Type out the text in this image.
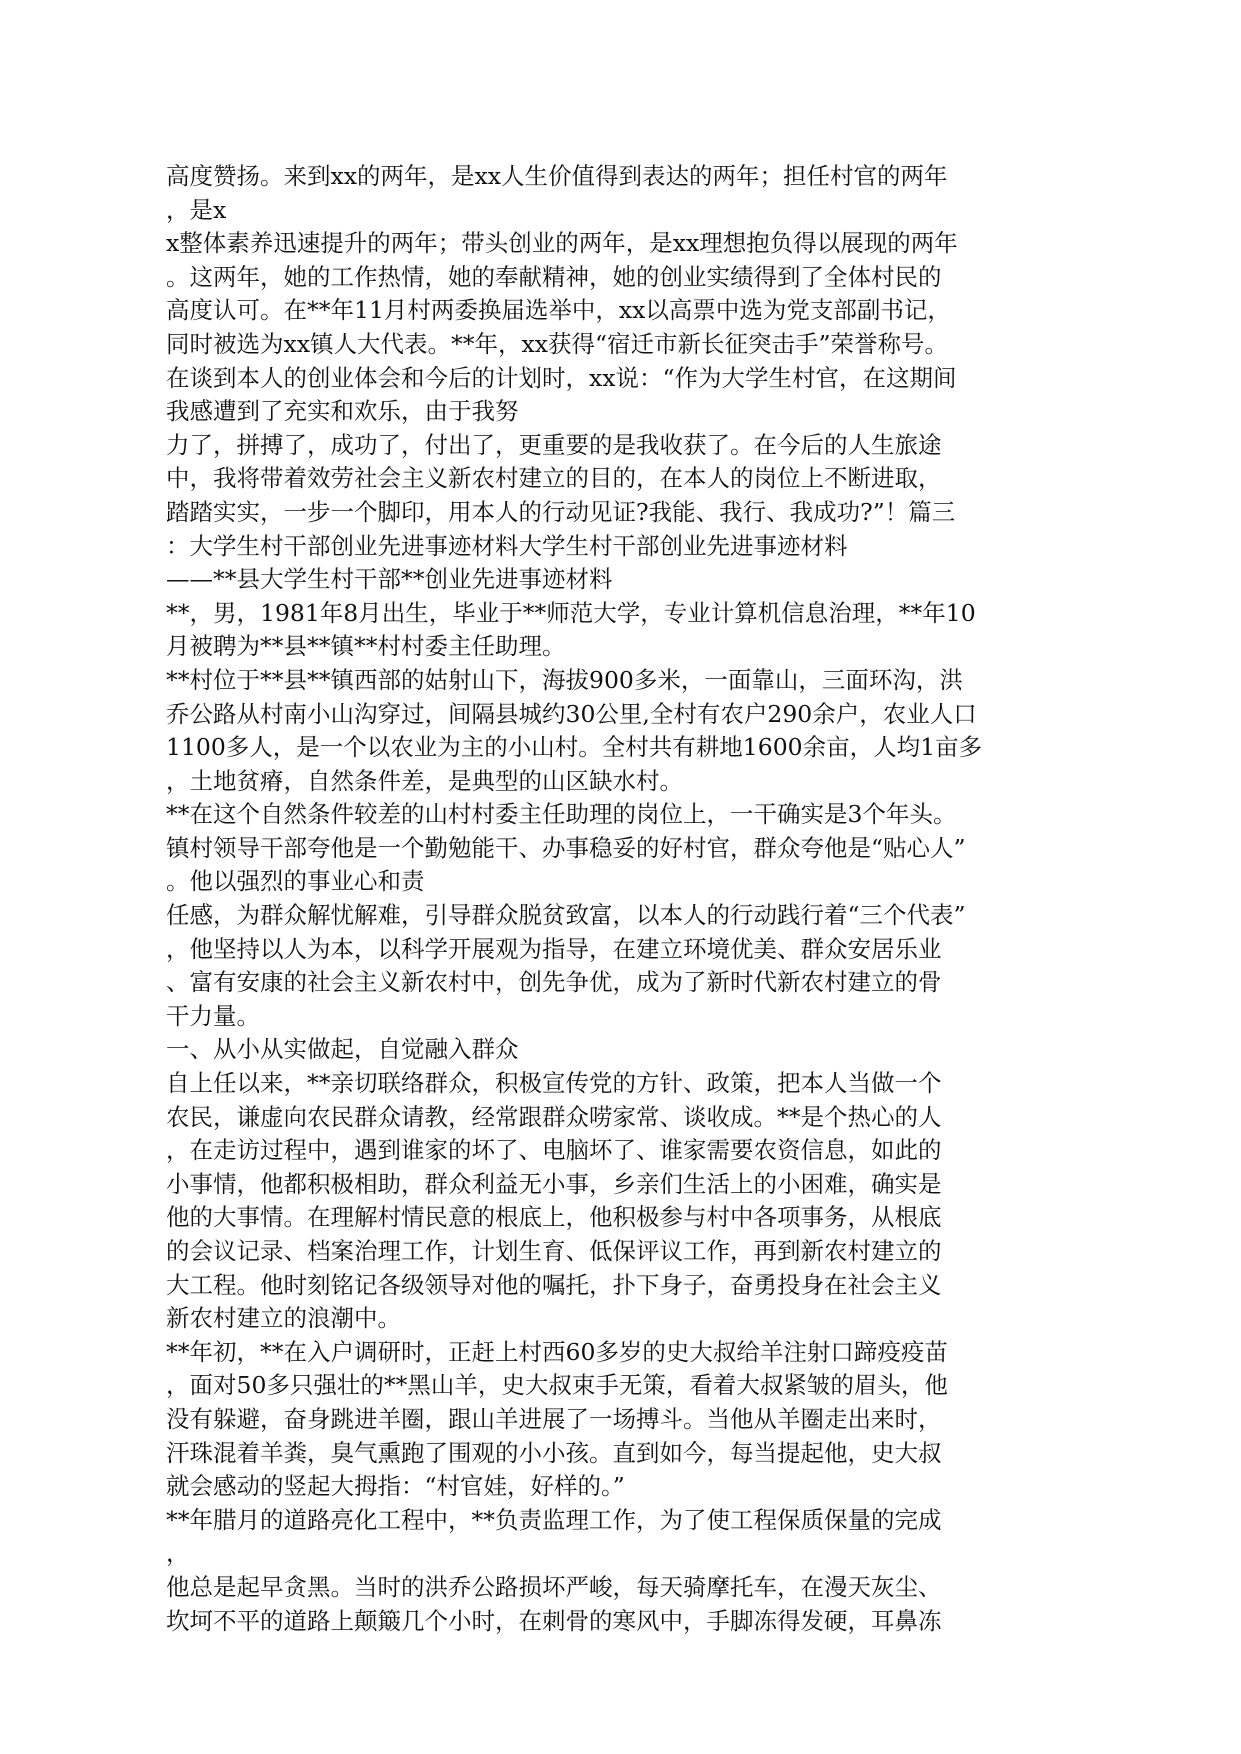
高度赞扬。来到xx的两年，是xx人生价值得到表达的两年；担任村官的两年
，是x
x整体素养迅速提升的两年；带头创业的两年，是xx理想抱负得以展现的两年
。这两年，她的工作热情，她的奉献精神，她的创业实绩得到了全体村民的
高度认可。在**年11月村两委换届选举中，xx以高票中选为党支部副书记，
同时被选为xx镇人大代表。**年，xx获得“宿迁市新长征突击手”荣誉称号。
在谈到本人的创业体会和今后的计划时，xx说：“作为大学生村官，在这期间
我感遭到了充实和欢乐，由于我努
力了，拼搏了，成功了，付出了，更重要的是我收获了。在今后的人生旅途
中，我将带着效劳社会主义新农村建立的目的，在本人的岗位上不断进取，
踏踏实实，一步一个脚印，用本人的行动见证?我能、我行、我成功?”！篇三
：大学生村干部创业先进事迹材料大学生村干部创业先进事迹材料
——**县大学生村干部**创业先进事迹材料
**，男，1981年8月出生，毕业于**师范大学，专业计算机信息治理，**年10
月被聘为**县**镇**村村委主任助理。
**村位于**县**镇西部的姑射山下，海拔900多米，一面靠山，三面环沟，洪
乔公路从村南小山沟穿过，间隔县城约30公里,全村有农户290余户，农业人口
1100多人，是一个以农业为主的小山村。全村共有耕地1600余亩，人均1亩多
，土地贫瘠，自然条件差，是典型的山区缺水村。
**在这个自然条件较差的山村村委主任助理的岗位上，一干确实是3个年头。
镇村领导干部夸他是一个勤勉能干、办事稳妥的好村官，群众夸他是“贴心人”
。他以强烈的事业心和责
任感，为群众解忧解难，引导群众脱贫致富，以本人的行动践行着“三个代表”
，他坚持以人为本，以科学开展观为指导，在建立环境优美、群众安居乐业
、富有安康的社会主义新农村中，创先争优，成为了新时代新农村建立的骨
干力量。
一、从小从实做起，自觉融入群众
自上任以来，**亲切联络群众，积极宣传党的方针、政策，把本人当做一个
农民，谦虚向农民群众请教，经常跟群众唠家常、谈收成。**是个热心的人
，在走访过程中，遇到谁家的坏了、电脑坏了、谁家需要农资信息，如此的
小事情，他都积极相助，群众利益无小事，乡亲们生活上的小困难，确实是
他的大事情。在理解村情民意的根底上，他积极参与村中各项事务，从根底
的会议记录、档案治理工作，计划生育、低保评议工作，再到新农村建立的
大工程。他时刻铭记各级领导对他的嘱托，扑下身子，奋勇投身在社会主义
新农村建立的浪潮中。
**年初，**在入户调研时，正赶上村西60多岁的史大叔给羊注射口蹄疫疫苗
，面对50多只强壮的**黑山羊，史大叔束手无策，看着大叔紧皱的眉头，他
没有躲避，奋身跳进羊圈，跟山羊进展了一场搏斗。当他从羊圈走出来时，
汗珠混着羊粪，臭气熏跑了围观的小小孩。直到如今，每当提起他，史大叔
就会感动的竖起大拇指：“村官娃，好样的。”
**年腊月的道路亮化工程中，**负责监理工作，为了使工程保质保量的完成
，
他总是起早贪黑。当时的洪乔公路损坏严峻，每天骑摩托车，在漫天灰尘、
坎坷不平的道路上颠簸几个小时，在刺骨的寒风中，手脚冻得发硬，耳鼻冻
